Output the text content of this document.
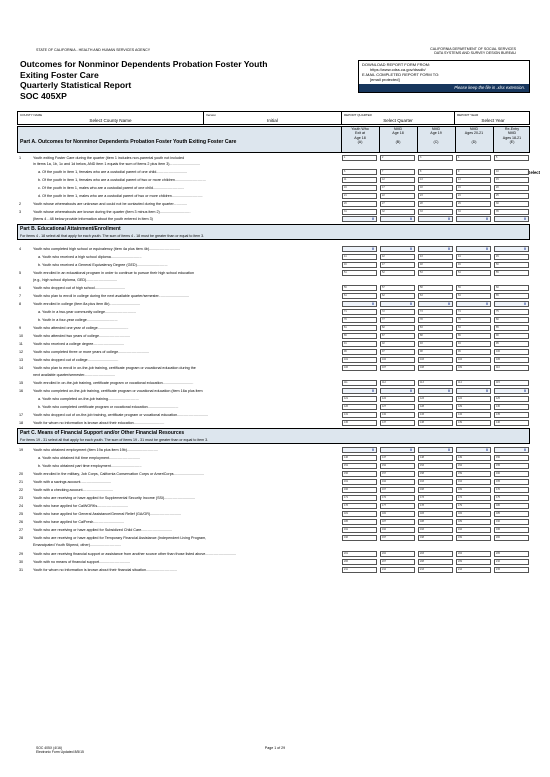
STATE OF CALIFORNIA - HEALTH AND HUMAN SERVICES AGENCY	CALIFORNIA DEPARTMENT OF SOCIAL SERVICES
DATA SYSTEMS AND SURVEY DESIGN BUREAU
Outcomes for Nonminor Dependents Probation Foster Youth
Exiting Foster Care
Quarterly Statistical Report
SOC 405XP
DOWNLOAD REPORT FORM FROM:
https://www.cdss.ca.gov/dssdb/
E-MAIL COMPLETED REPORT FORM TO:
[email protected]
Please keep the file in .xlsx extension.
COUNTY NAME
Select County Name
Version
Initial
REPORT QUARTER
Select Quarter
REPORT YEAR
Select Year
Part A. Outcomes for Nonminor Dependents Probation Foster Youth Exiting Foster Care
Youth Who
Exit at
Age 18
(A)
NMD
Age 18
(B)
NMD
Age 19
(C)
NMD
Ages 20-21
(D)
Re-Entry
NMD
Ages 18-21
(E)
Select
Part B. Educational Attainment/Enrollment
For items 4 - 18 select all that apply for each youth. The sum of items 4 - 18 must be greater than or equal to item 3.
Part C. Means of Financial Support and/or Other Financial Resources
For items 19 - 31 select all that apply for each youth. The sum of items 19 - 31 must be greater than or equal to item 3.
1	Youth exiting Foster Care during the quarter (item 1 includes non-parental youth not included	1	2	3	4	5
in items 1a, 1b, 1c and 1d below, AND item 1 equals the sum of items 2 plus item 3)..............................
a. Of the youth in item 1, females who are a custodial parent of one child..............................	6	7	8	9	10
b. Of the youth in item 1, females who are a custodial parent of two or more children..............................	11	12	13	14	15
c. Of the youth in item 1, males who are a custodial parent of one child..............................	16	17	18	19	20
d. Of the youth in item 1, males who are a custodial parent of two or more children..............................	21	22	23	24	25
2	Youth whose whereabouts are unknown and could not be contacted during the quarter.............	26	27	28	29	30
3	Youth whose whereabouts are known during the quarter (item 3 minus item 2)..............................	31	32	33	34	35
(Items 4 - 48 below provide information about the youth entered in item 3)	0	0	0	0	0
4	Youth who completed high school or equivalency (item 4a plus item 4b)..............................	0	0	0	0	0
a. Youth who received a high school diploma..............................	41	42	43	44	45
b. Youth who received a General Equivalency Degree (GED)..............................	46	47	48	49	50
5	Youth enrolled in an educational program in order to continue to pursue their high school education	51	52	53	54	55
(e.g., high school diploma, GED)..............................
6	Youth who dropped out of high school..............................	56	57	58	59	60
7	Youth who plan to enroll in college during the next available quarter/semester..............................	61	62	63	64	65
8	Youth enrolled in college (item 8a plus item 8b)..............................	0	0	0	0	0
a. Youth in a two-year community college..............................	71	72	73	74	75
b. Youth in a four-year college..............................	76	77	78	79	80
9	Youth who attended one year of college..............................	81	82	83	84	85
10	Youth who attended two years of college..............................	86	87	88	89	90
11	Youth who received a college degree..............................	91	92	93	94	95
12	Youth who completed three or more years of college..............................	96	97	98	99	100
13	Youth who dropped out of college..............................	101	102	103	104	105
14	Youth who plan to enroll in on-the-job training, certificate program or vocational education during the	106	107	108	109	110
next available quarter/semester..............................
15	Youth enrolled in on-the-job training, certificate program or vocational education..............................	111	112	113	114	115
16	Youth who completed on-the-job training, certificate program or vocational education (item 16a plus item	0	0	0	0	0
a. Youth who completed on-the-job training..............................	121	122	123	124	125
b. Youth who completed certificate program or vocational education..............................	126	127	128	129	130
17	Youth who dropped out of on-the-job training, certificate program or vocational education..............................	131	132	133	134	135
18	Youth for whom no information is known about their education..............................	136	137	138	139	140
19	Youth who obtained employment (item 19a plus item 19b)..............................	0	0	0	0	0
a. Youth who obtained full time employment..............................	146	147	148	149	150
b. Youth who obtained part time employment..............................	151	152	153	154	155
20	Youth enrolled in the military, Job Corps, California Conservation Corps or AmeriCorps..............................	156	157	158	159	160
21	Youth with a savings account..............................	161	162	163	164	165
22	Youth with a checking account..............................	166	167	168	169	170
23	Youth who are receiving or have applied for Supplemental Security Income (SSI)..............................	171	172	173	174	175
24	Youth who have applied for CalWORKs..............................	176	177	178	179	180
25	Youth who have applied for General Assistance/General Relief (GA/GR)..............................	181	182	183	184	185
26	Youth who have applied for CalFresh..............................	186	187	188	189	190
27	Youth who are receiving or have applied for Subsidized Child Care..............................	191	192	193	194	195
28	Youth who are receiving or have applied for Temporary Financial Assistance (Independent Living Program,	196	197	198	199	200
Emancipated Youth Stipend, other)..............................
29	Youth who are receiving financial support or assistance from another source other than those listed above..............................	201	202	203	204	205
30	Youth with no means of financial support..............................	206	207	208	209	210
31	Youth for whom no information is known about their financial situation..............................	211	212	213	214	215
SOC 405X (4/16)
Electronic Form Updated 8/5/15
Page 1 of 29
